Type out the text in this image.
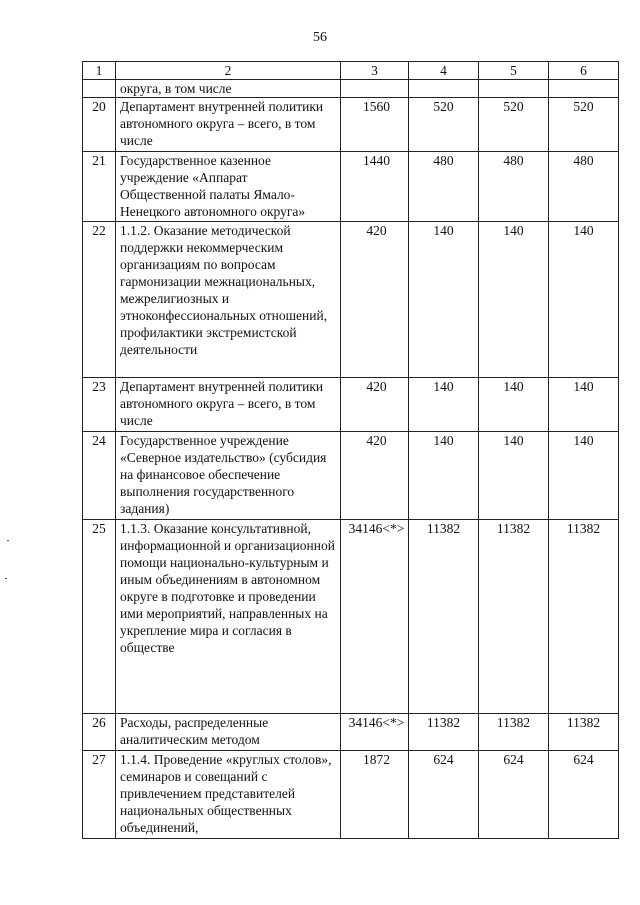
56
1	2	3	4	5	6
	округа, в том числе				
20	Департамент внутренней политики автономного округа – всего, в том числе	1560	520	520	520
21	Государственное казенное учреждение «Аппарат Общественной палаты Ямало-Ненецкого автономного округа»	1440	480	480	480
22	1.1.2. Оказание методической поддержки некоммерческим организациям по вопросам гармонизации межнациональных, межрелигиозных и этноконфессиональных отношений, профилактики экстремистской деятельности	420	140	140	140
23	Департамент внутренней политики автономного округа – всего, в том числе	420	140	140	140
24	Государственное учреждение «Северное издательство» (субсидия на финансовое обеспечение выполнения государственного задания)	420	140	140	140
25	1.1.3. Оказание консультативной, информационной и организационной помощи национально-культурным и иным объединениям в автономном округе в подготовке и проведении ими мероприятий, направленных на укрепление мира и согласия в обществе	34146<*>	11382	11382	11382
26	Расходы, распределенные аналитическим методом	34146<*>	11382	11382	11382
27	1.1.4. Проведение «круглых столов», семинаров и совещаний с привлечением представителей национальных общественных объединений,	1872	624	624	624
